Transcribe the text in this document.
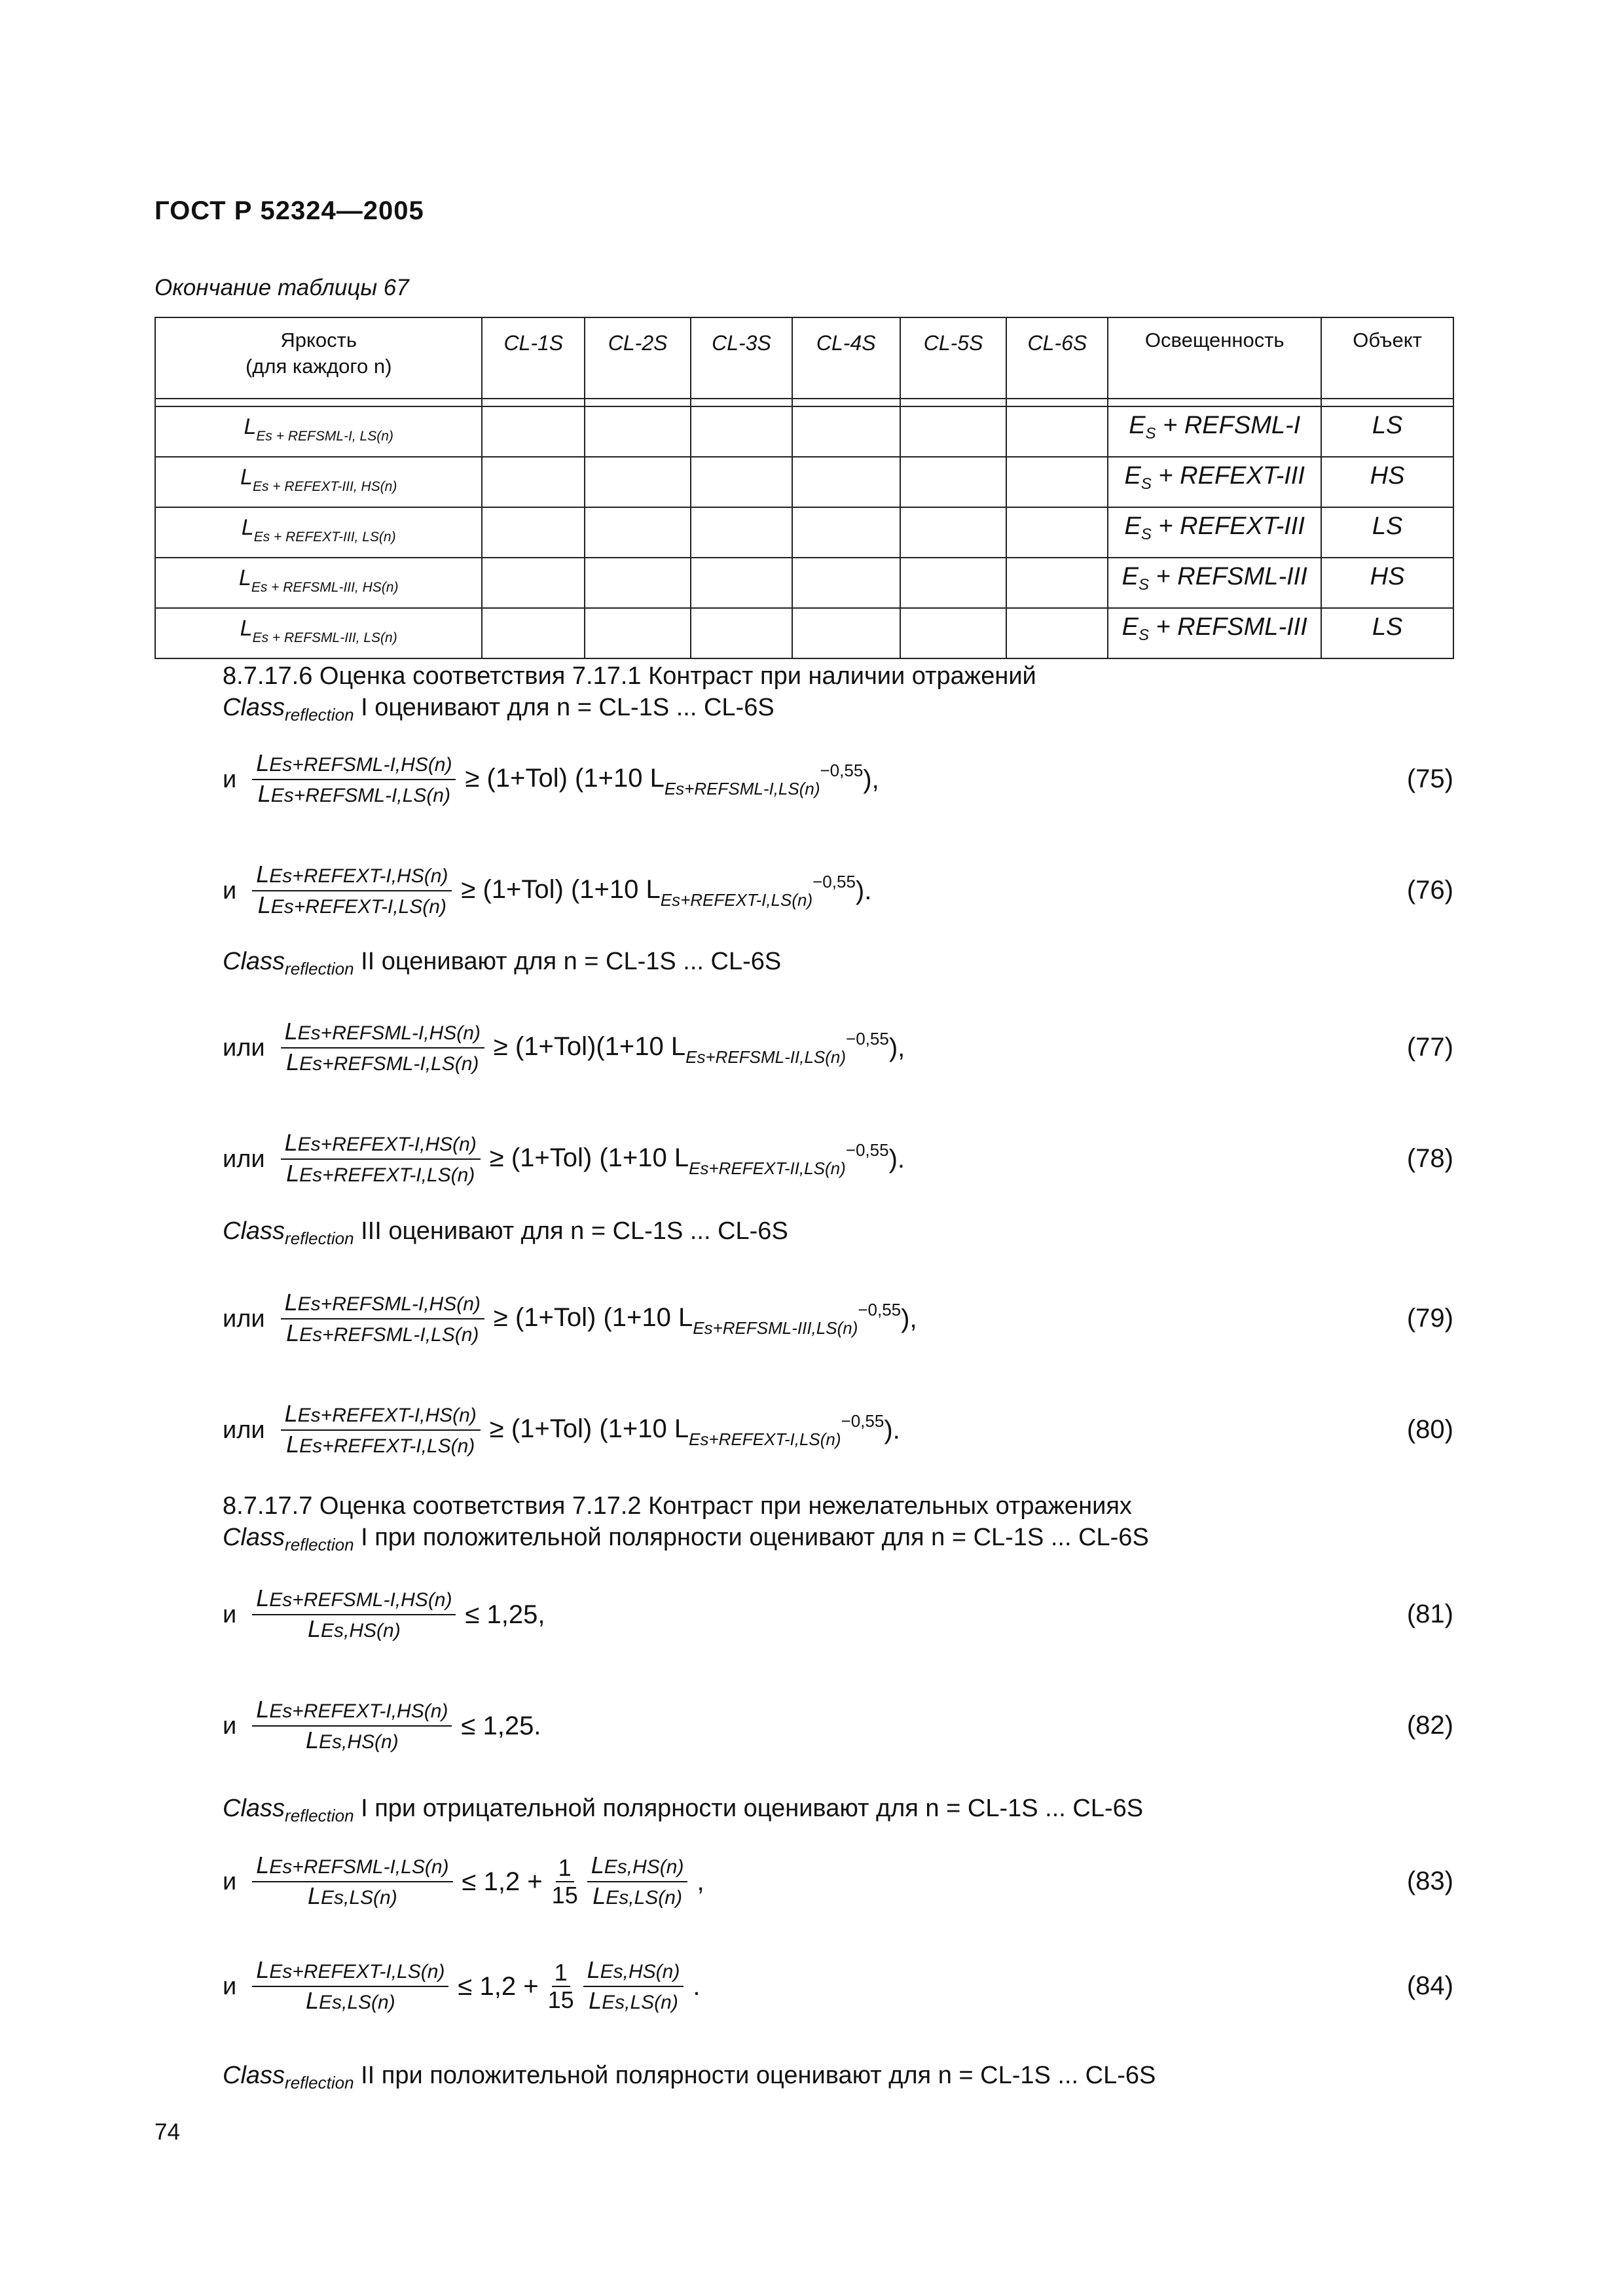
ГОСТ Р 52324—2005
Окончание таблицы 67
Яркость
(для каждого n)	CL-1S	CL-2S	CL-3S	CL-4S	CL-5S	CL-6S	Освещенность	Объект

$L_{Es + REFSML-I, LS(n)}$							$E_S$ + REFSML-I	LS
$L_{Es + REFEXT-III, HS(n)}$							$E_S$ + REFEXT-III	HS
$L_{Es + REFEXT-III, LS(n)}$							$E_S$ + REFEXT-III	LS
$L_{Es + REFSML-III, HS(n)}$							$E_S$ + REFSML-III	HS
$L_{Es + REFSML-III, LS(n)}$							$E_S$ + REFSML-III	LS
8.7.17.6 Оценка соответствия 7.17.1 Контраст при наличии отражений
Class$_{reflection}$ I оценивают для n = CL-1S ... CL-6S
Class$_{reflection}$ II оценивают для n = CL-1S ... CL-6S
Class$_{reflection}$ III оценивают для n = CL-1S ... CL-6S
8.7.17.7 Оценка соответствия 7.17.2 Контраст при нежелательных отражениях
Class$_{reflection}$ I при положительной полярности оценивают для n = CL-1S ... CL-6S
Class$_{reflection}$ I при отрицательной полярности оценивают для n = CL-1S ... CL-6S
Class$_{reflection}$ II при положительной полярности оценивают для n = CL-1S ... CL-6S
и $\frac{\text{LEs+REFSML-I,HS(n)}}{\text{LEs+REFSML-I,LS(n)}} \ge (1+Tol)$ (1+10 $L_{Es+REFSML-I,LS(n)}^{-0,55}$ ),	(75)
и $\frac{\text{LEs+REFEXT-I,HS(n)}}{\text{LEs+REFEXT-I,LS(n)}} \ge (1+Tol)$ (1+10 $L_{Es+REFEXT-I,LS(n)}^{-0,55}$ ).	(76)
или $\frac{\text{LEs+REFSML-I,HS(n)}}{\text{LEs+REFSML-I,LS(n)}} \ge (1+Tol)(1+10$ $L_{Es+REFSML-II,LS(n)}^{-0,55}$ ),	(77)
или $\frac{\text{LEs+REFEXT-I,HS(n)}}{\text{LEs+REFEXT-I,LS(n)}} \ge (1+Tol)$ (1+10 $L_{Es+REFEXT-II,LS(n)}^{-0,55}$ ).	(78)
или $\frac{\text{LEs+REFSML-I,HS(n)}}{\text{LEs+REFSML-I,LS(n)}} \ge (1+Tol)$ (1+10 $L_{Es+REFSML-III,LS(n)}^{-0,55}$ ),	(79)
или $\frac{\text{LEs+REFEXT-I,HS(n)}}{\text{LEs+REFEXT-I,LS(n)}} \ge (1+Tol)$ (1+10 $L_{Es+REFEXT-I,LS(n)}^{-0,55}$ ).	(80)
и $\frac{\text{LEs+REFSML-I,HS(n)}}{\text{LEs,HS(n)}} \le 1,25$,	(81)
и $\frac{\text{LEs+REFEXT-I,HS(n)}}{\text{LEs,HS(n)}} \le 1,25$.	(82)
и $\frac{\text{LEs+REFSML-I,LS(n)}}{\text{LEs,LS(n)}} \le 1,2 + \frac{1}{15} \frac{\text{LEs,HS(n)}}{\text{LEs,LS(n)}}$ ,	(83)
и $\frac{\text{LEs+REFEXT-I,LS(n)}}{\text{LEs,LS(n)}} \le 1,2 + \frac{1}{15} \frac{\text{LEs,HS(n)}}{\text{LEs,LS(n)}}$ .	(84)
74
